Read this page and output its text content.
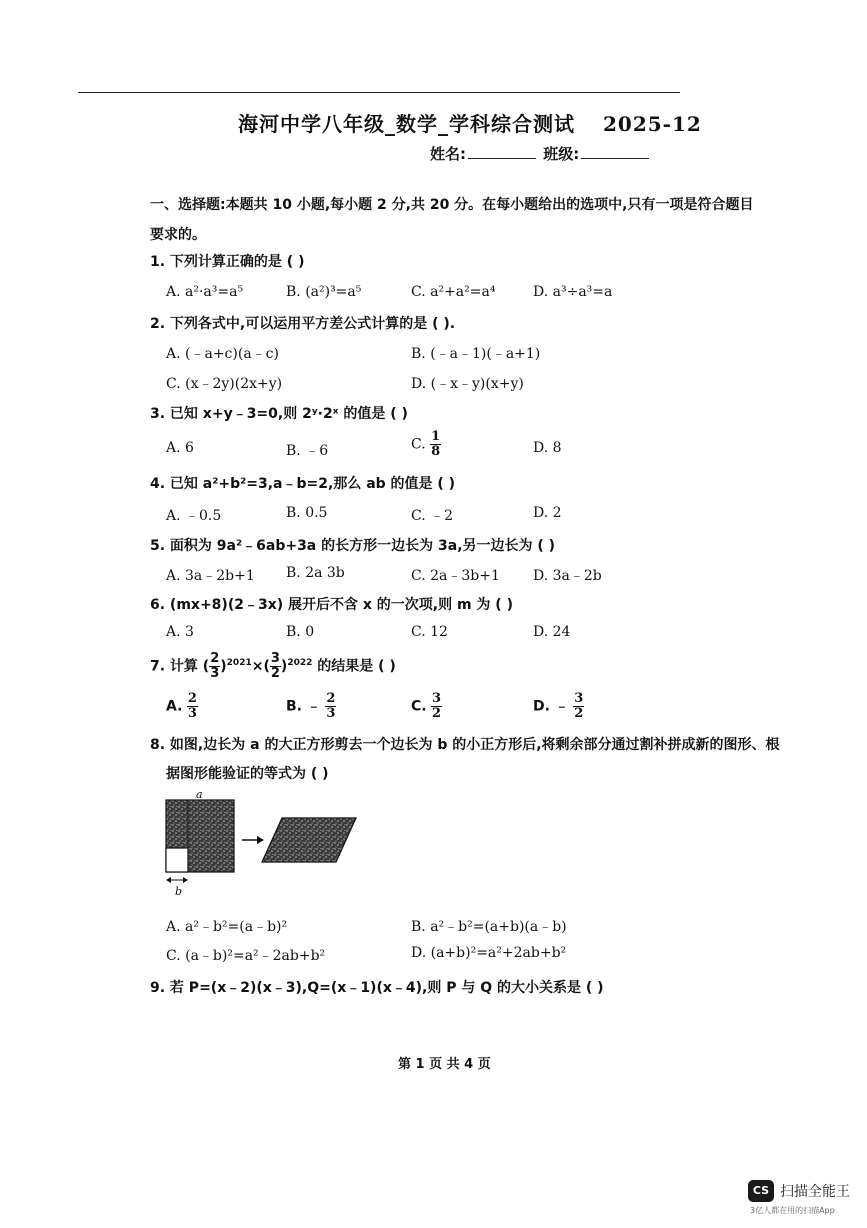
海河中学八年级_数学_学科综合测试 2025-12
姓名:	班级:
一、选择题:本题共 10 小题,每小题 2 分,共 20 分。在每小题给出的选项中,只有一项是符合题目要求的。
1. 下列计算正确的是 ( )
A. a²·a³=a⁵	B. (a²)³=a⁵	C. a²+a²=a⁴	D. a³÷a³=a
2. 下列各式中,可以运用平方差公式计算的是 ( ).
A. (﹣a+c)(a﹣c)	B. (﹣a﹣1)(﹣a+1)
C. (x﹣2y)(2x+y)	D. (﹣x﹣y)(x+y)
3. 已知 x+y﹣3=0,则 2ʸ·2ˣ 的值是 ( )
A. 6	B. ﹣6	C. $\frac{1}{8}$	D. 8
4. 已知 a²+b²=3,a﹣b=2,那么 ab 的值是 ( )
A. ﹣0.5	B. 0.5	C. ﹣2	D. 2
5. 面积为 9a²﹣6ab+3a 的长方形一边长为 3a,另一边长为 ( )
A. 3a﹣2b+1 B. 2a 3b	C. 2a﹣3b+1 D. 3a﹣2b
6. (mx+8)(2﹣3x) 展开后不含 x 的一次项,则 m 为 ( )
A. 3	B. 0	C. 12	D. 24
7. 计算 ( $\frac{2}{3} )^{2021}\times( \frac{3}{2} )^{2022}$ 的结果是 ( )
A. $\frac{2}{3}$	B. ﹣ $\frac{2}{3}$	C. $\frac{3}{2}$	D. ﹣ $\frac{3}{2}$
8. 如图,边长为 a 的大正方形剪去一个边长为 b 的小正方形后,将剩余部分通过割补拼成新的图形、根
据图形能验证的等式为 ( )
a
b
A. a²﹣b²=(a﹣b)²	B. a²﹣b²=(a+b)(a﹣b)
C. (a﹣b)²=a²﹣2ab+b²	D. (a+b)²=a²+2ab+b²
9. 若 P=(x﹣2)(x﹣3),Q=(x﹣1)(x﹣4),则 P 与 Q 的大小关系是 ( )
第 1 页 共 4 页
CS 扫描全能王
3亿人都在用的扫描App
